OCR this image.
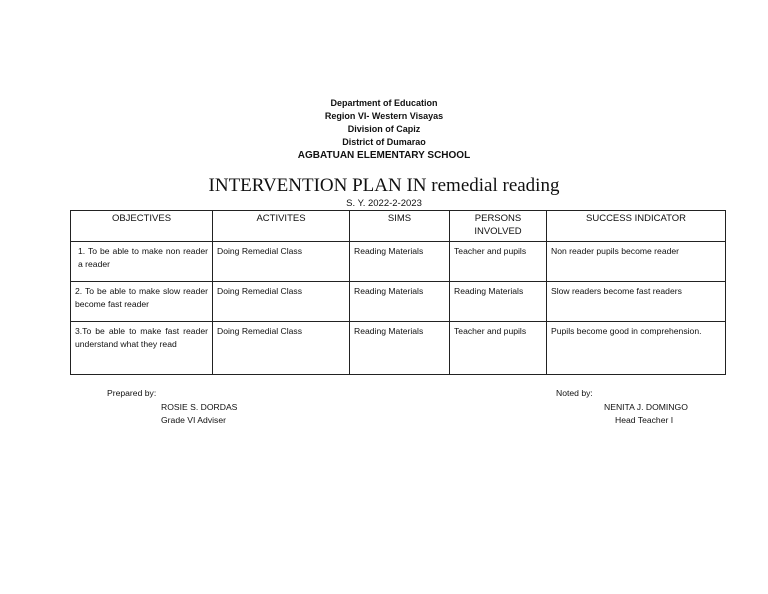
Department of Education
Region VI- Western Visayas
Division of Capiz
District of Dumarao
AGBATUAN ELEMENTARY SCHOOL
INTERVENTION PLAN IN remedial reading
S. Y. 2022-2-2023
OBJECTIVES	ACTIVITES	SIMS	PERSONS INVOLVED	SUCCESS INDICATOR
1. To be able to make non reader a reader	Doing Remedial Class	Reading Materials	Teacher and pupils	Non reader pupils become reader
2. To be able to make slow reader become fast reader	Doing Remedial Class	Reading Materials	Reading Materials	Slow readers become fast readers
3.To be able to make fast reader understand what they read	Doing Remedial Class	Reading Materials	Teacher and pupils	Pupils become good in comprehension.
Prepared by:
ROSIE S. DORDAS
Grade VI Adviser
Noted by:
NENITA J. DOMINGO
Head Teacher I
